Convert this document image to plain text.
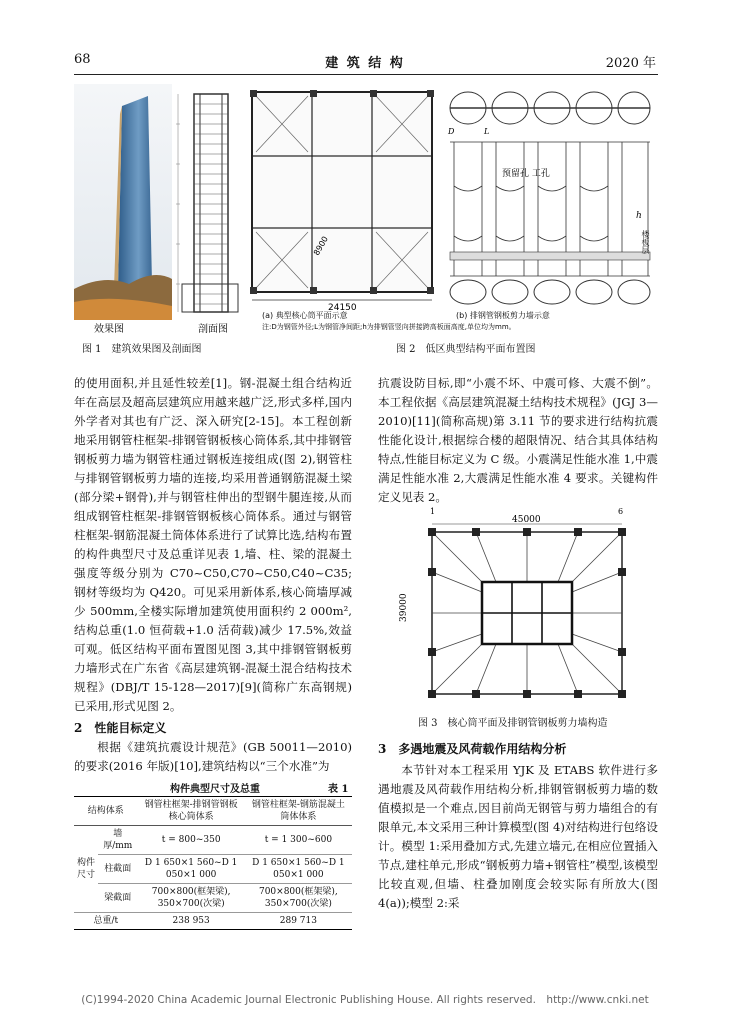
68	建 筑 结 构	2020 年
效果图	剖面图
图 1　建筑效果图及剖面图
24150
8900
(a) 典型核心筒平面示意
D	L
预留孔 工孔
h
楼板层
(b) 排钢管钢板剪力墙示意
注:D为钢管外径;L为钢管净间距;h为排钢管竖向拼接跨高板面高度,单位均为mm。
图 2　低区典型结构平面布置图

的使用面积,并且延性较差[1]。钢-混凝土组合结构近年在高层及超高层建筑应用越来越广泛,形式多样,国内外学者对其也有广泛、深入研究[2-15]。本工程创新地采用钢管柱框架-排钢管钢板核心筒体系,其中排钢管钢板剪力墙为钢管柱通过钢板连接组成(图 2),钢管柱与排钢管钢板剪力墙的连接,均采用普通钢筋混凝土梁(部分梁+钢骨),并与钢管柱伸出的型钢牛腿连接,从而组成钢管柱框架-排钢管钢板核心筒体系。通过与钢管柱框架-钢筋混凝土筒体体系进行了试算比选,结构布置的构件典型尺寸及总重详见表 1,墙、柱、梁的混凝土强度等级分别为 C70~C50,C70~C50,C40~C35;钢材等级均为 Q420。可见采用新体系,核心筒墙厚减少 500mm,全楼实际增加建筑使用面积约 2 000m²,结构总重(1.0 恒荷载+1.0 活荷载)减少 17.5%,效益可观。低区结构平面布置图见图 3,其中排钢管钢板剪力墙形式在广东省《高层建筑钢-混凝土混合结构技术规程》(DBJ/T 15-128—2017)[9](简称广东高钢规)已采用,形式见图 2。

2　性能目标定义

根据《建筑抗震设计规范》(GB 50011—2010)的要求(2016 年版)[10],建筑结构以“三个水准”为

构件典型尺寸及总重	表 1
结构体系		钢管柱框架-排钢管钢板核心筒体系	钢管柱框架-钢筋混凝土筒体体系
构件尺寸	墙厚/mm	t = 800~350	t = 1 300~600
	柱截面	D 1 650×1 560~D 1 050×1 000	D 1 650×1 560~D 1 050×1 000
	梁截面	700×800(框架梁), 350×700(次梁)	700×800(框架梁), 350×700(次梁)
总重/t		238 953	289 713

抗震设防目标,即“小震不坏、中震可修、大震不倒”。本工程依据《高层建筑混凝土结构技术规程》(JGJ 3—2010)[11](简称高规)第 3.11 节的要求进行结构抗震性能化设计,根据综合楼的超限情况、结合其具体结构特点,性能目标定义为 C 级。小震满足性能水准 1,中震满足性能水准 2,大震满足性能水准 4 要求。关键构件定义见表 2。

1	6
45000
39000
图 3　核心筒平面及排钢管钢板剪力墙构造
3　多遇地震及风荷载作用结构分析

本节针对本工程采用 YJK 及 ETABS 软件进行多遇地震及风荷载作用结构分析,排钢管钢板剪力墙的数值模拟是一个难点,因目前尚无钢管与剪力墙组合的有限单元,本文采用三种计算模型(图 4)对结构进行包络设计。模型 1:采用叠加方式,先建立墙元,在相应位置插入节点,建柱单元,形成“钢板剪力墙+钢管柱”模型,该模型比较直观,但墙、柱叠加刚度会较实际有所放大(图 4(a));模型 2:采

(C)1994-2020 China Academic Journal Electronic Publishing House. All rights reserved.　http://www.cnki.net
